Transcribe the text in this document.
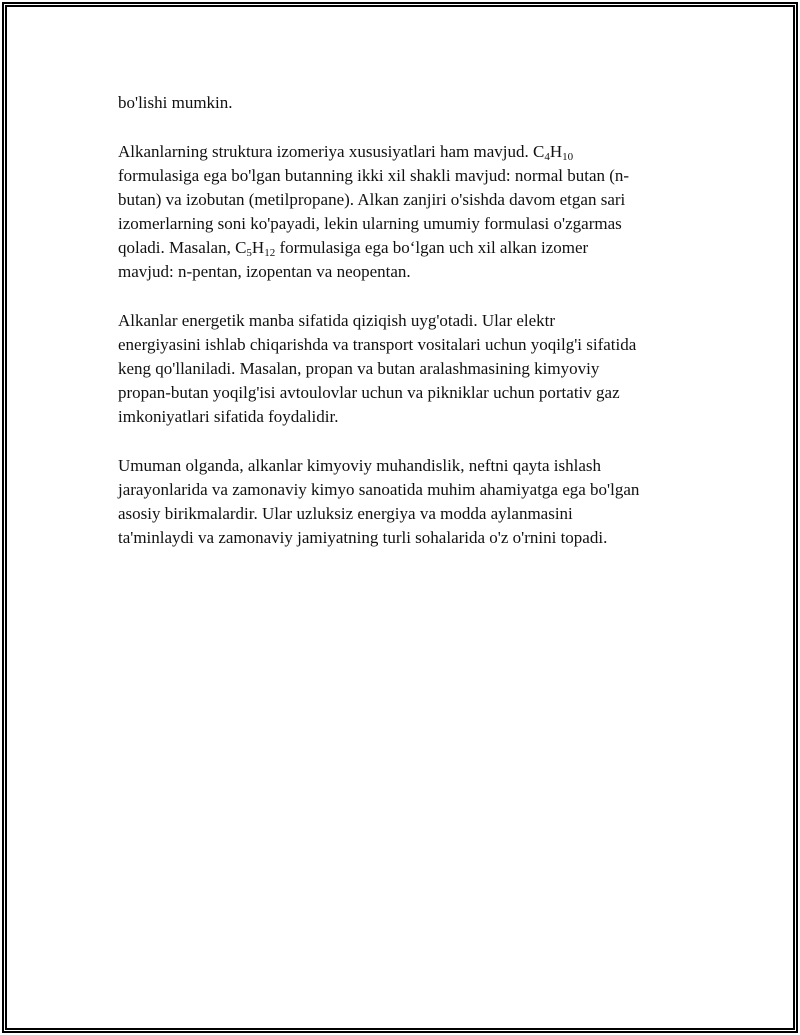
bo'lishi mumkin.
Alkanlarning struktura izomeriya xususiyatlari ham mavjud. $C_4H_{10}$
formulasiga ega bo'lgan butanning ikki xil shakli mavjud: normal butan (n-
butan) va izobutan (metilpropane). Alkan zanjiri o'sishda davom etgan sari
izomerlarning soni ko'payadi, lekin ularning umumiy formulasi o'zgarmas
qoladi. Masalan, $C_5H_{12}$ formulasiga ega bo‘lgan uch xil alkan izomer
mavjud: n-pentan, izopentan va neopentan.
Alkanlar energetik manba sifatida qiziqish uyg'otadi. Ular elektr
energiyasini ishlab chiqarishda va transport vositalari uchun yoqilg'i sifatida
keng qo'llaniladi. Masalan, propan va butan aralashmasining kimyoviy
propan-butan yoqilg'isi avtoulovlar uchun va pikniklar uchun portativ gaz
imkoniyatlari sifatida foydalidir.
Umuman olganda, alkanlar kimyoviy muhandislik, neftni qayta ishlash
jarayonlarida va zamonaviy kimyo sanoatida muhim ahamiyatga ega bo'lgan
asosiy birikmalardir. Ular uzluksiz energiya va modda aylanmasini
ta'minlaydi va zamonaviy jamiyatning turli sohalarida o'z o'rnini topadi.
